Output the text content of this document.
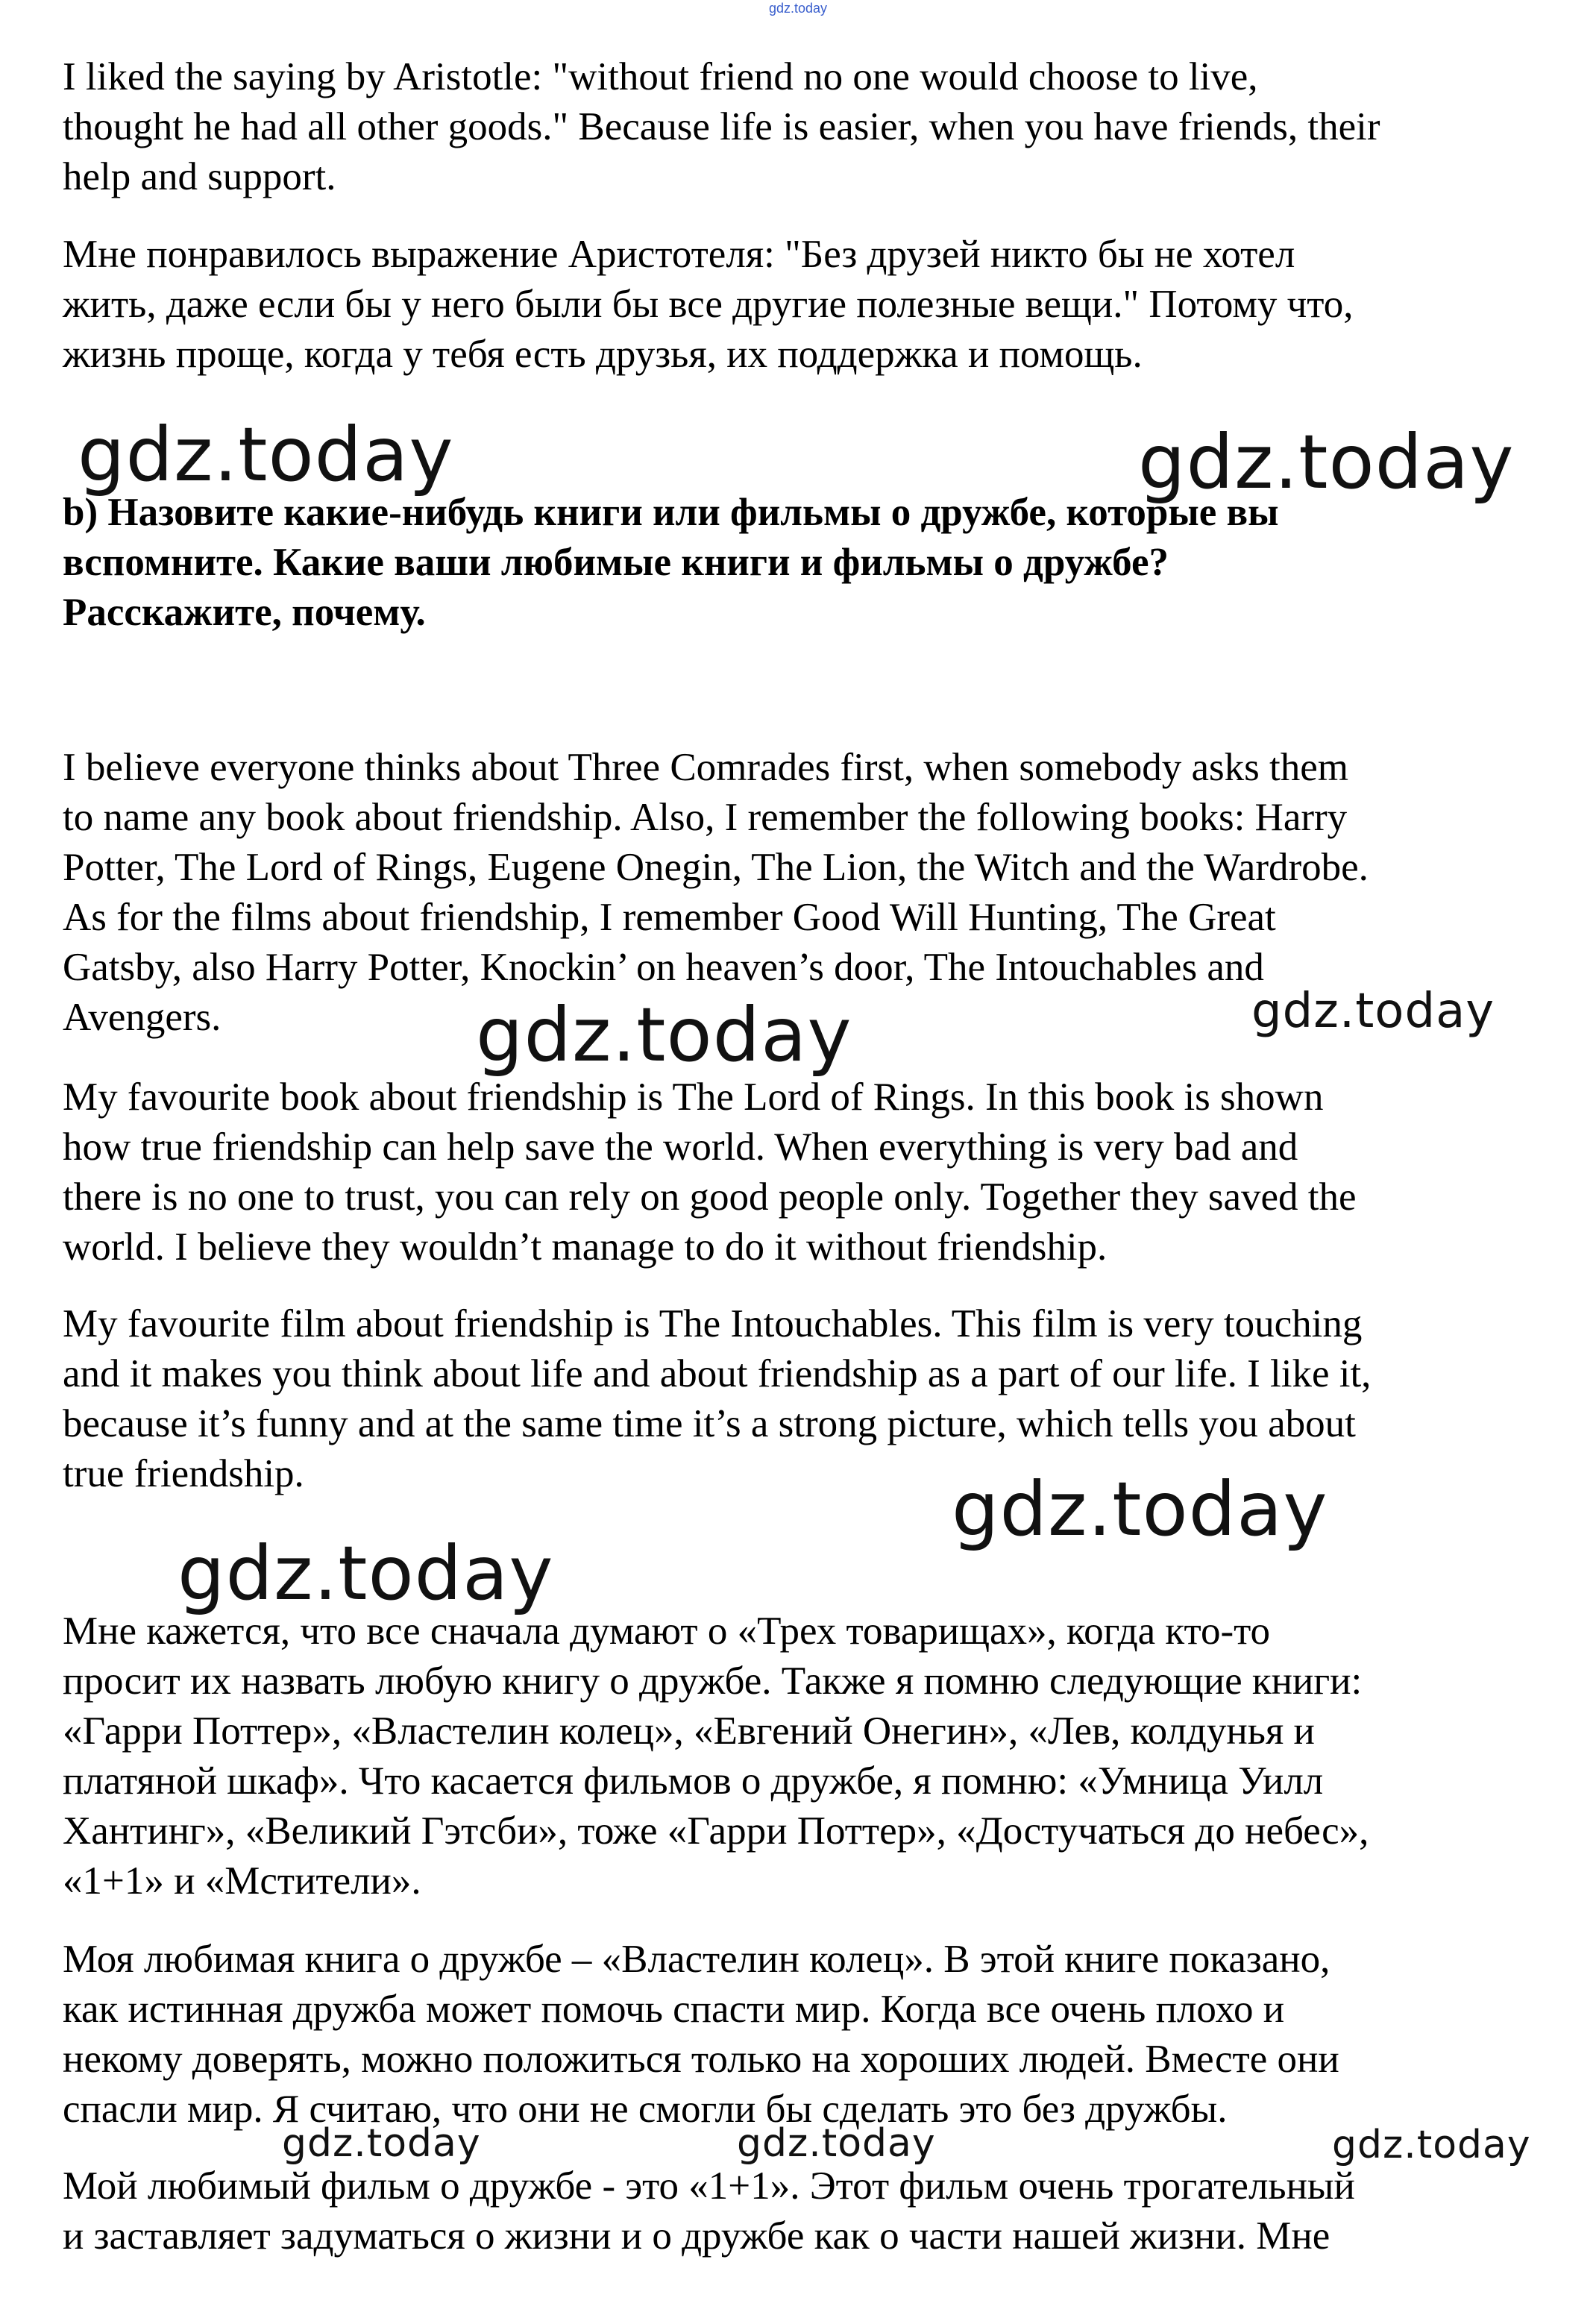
gdz.today

I liked the saying by Aristotle: "without friend no one would choose to live,
thought he had all other goods." Because life is easier, when you have friends, their
help and support.

Мне понравилось выражение Аристотеля: "Без друзей никто бы не хотел
жить, даже если бы у него были бы все другие полезные вещи." Потому что,
жизнь проще, когда у тебя есть друзья, их поддержка и помощь.

b) Назовите какие-нибудь книги или фильмы о дружбе, которые вы
вспомните. Какие ваши любимые книги и фильмы о дружбе?
Расскажите, почему.

I believe everyone thinks about Three Comrades first, when somebody asks them
to name any book about friendship. Also, I remember the following books: Harry
Potter, The Lord of Rings, Eugene Onegin, The Lion, the Witch and the Wardrobe.
As for the films about friendship, I remember Good Will Hunting, The Great
Gatsby, also Harry Potter, Knockin’ on heaven’s door, The Intouchables and
Avengers.

My favourite book about friendship is The Lord of Rings. In this book is shown
how true friendship can help save the world. When everything is very bad and
there is no one to trust, you can rely on good people only. Together they saved the
world. I believe they wouldn’t manage to do it without friendship.

My favourite film about friendship is The Intouchables. This film is very touching
and it makes you think about life and about friendship as a part of our life. I like it,
because it’s funny and at the same time it’s a strong picture, which tells you about
true friendship.

Мне кажется, что все сначала думают о «Трех товарищах», когда кто-то
просит их назвать любую книгу о дружбе. Также я помню следующие книги:
«Гарри Поттер», «Властелин колец», «Евгений Онегин», «Лев, колдунья и
платяной шкаф». Что касается фильмов о дружбе, я помню: «Умница Уилл
Хантинг», «Великий Гэтсби», тоже «Гарри Поттер», «Достучаться до небес»,
«1+1» и «Мстители».

Моя любимая книга о дружбе – «Властелин колец». В этой книге показано,
как истинная дружба может помочь спасти мир. Когда все очень плохо и
некому доверять, можно положиться только на хороших людей. Вместе они
спасли мир. Я считаю, что они не смогли бы сделать это без дружбы.

Мой любимый фильм о дружбе - это «1+1». Этот фильм очень трогательный
и заставляет задуматься о жизни и о дружбе как о части нашей жизни. Мне

gdz.today	gdz.today
gdz.today	gdz.today
gdz.today
gdz.today
gdz.today	gdz.today	gdz.today
